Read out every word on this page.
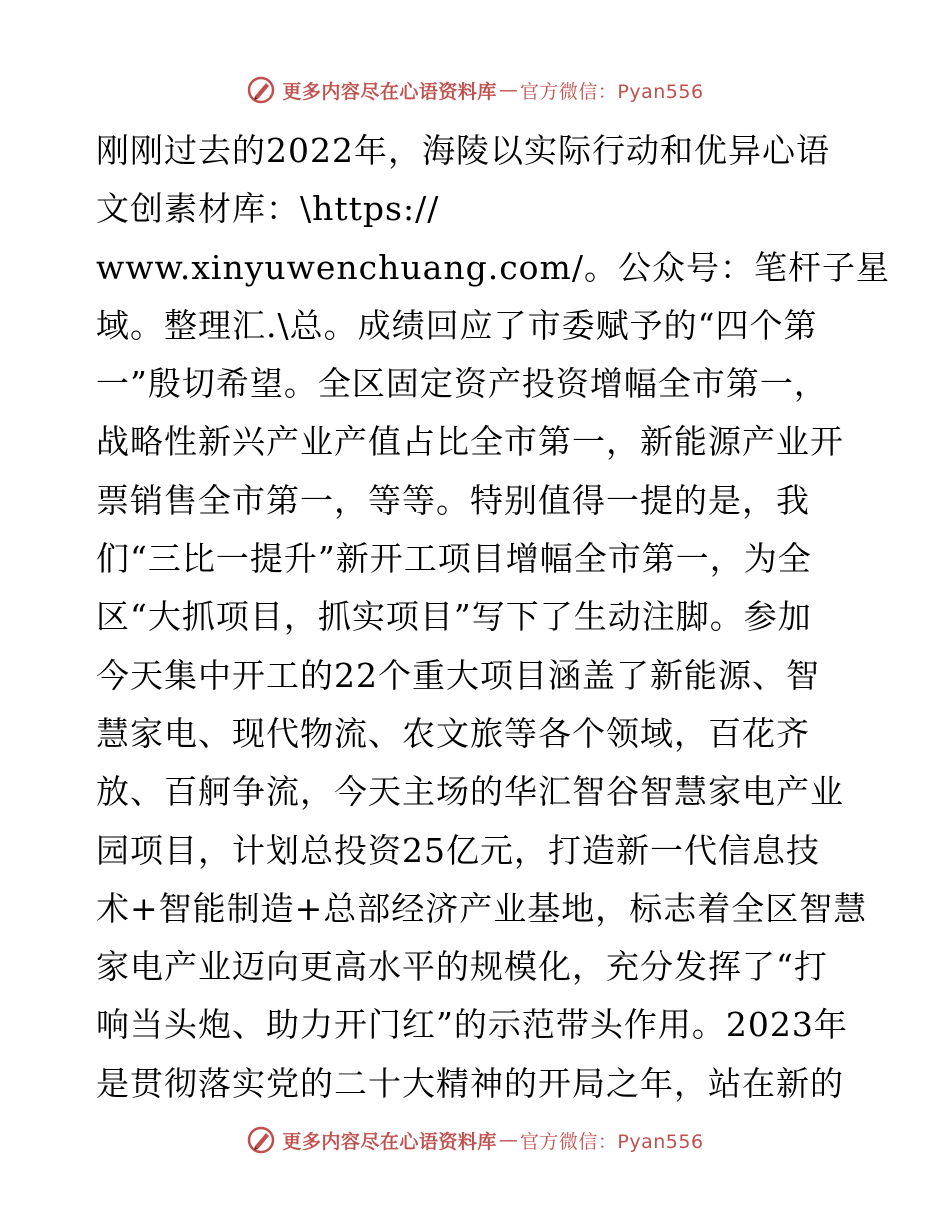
更多内容尽在心语资料库 — 官方微信：Pyan556
刚刚过去的2022年，海陵以实际行动和优异心语
文创素材库：\https://
www.xinyuwenchuang.com/。公众号：笔杆子星
域。整理汇.\总。成绩回应了市委赋予的“四个第
一”殷切希望。全区固定资产投资增幅全市第一，
战略性新兴产业产值占比全市第一，新能源产业开
票销售全市第一，等等。特别值得一提的是，我
们“三比一提升”新开工项目增幅全市第一，为全
区“大抓项目，抓实项目”写下了生动注脚。参加
今天集中开工的22个重大项目涵盖了新能源、智
慧家电、现代物流、农文旅等各个领域，百花齐
放、百舸争流，今天主场的华汇智谷智慧家电产业
园项目，计划总投资25亿元，打造新一代信息技
术+智能制造+总部经济产业基地，标志着全区智慧
家电产业迈向更高水平的规模化，充分发挥了“打
响当头炮、助力开门红”的示范带头作用。2023年
是贯彻落实党的二十大精神的开局之年，站在新的
更多内容尽在心语资料库 — 官方微信：Pyan556
